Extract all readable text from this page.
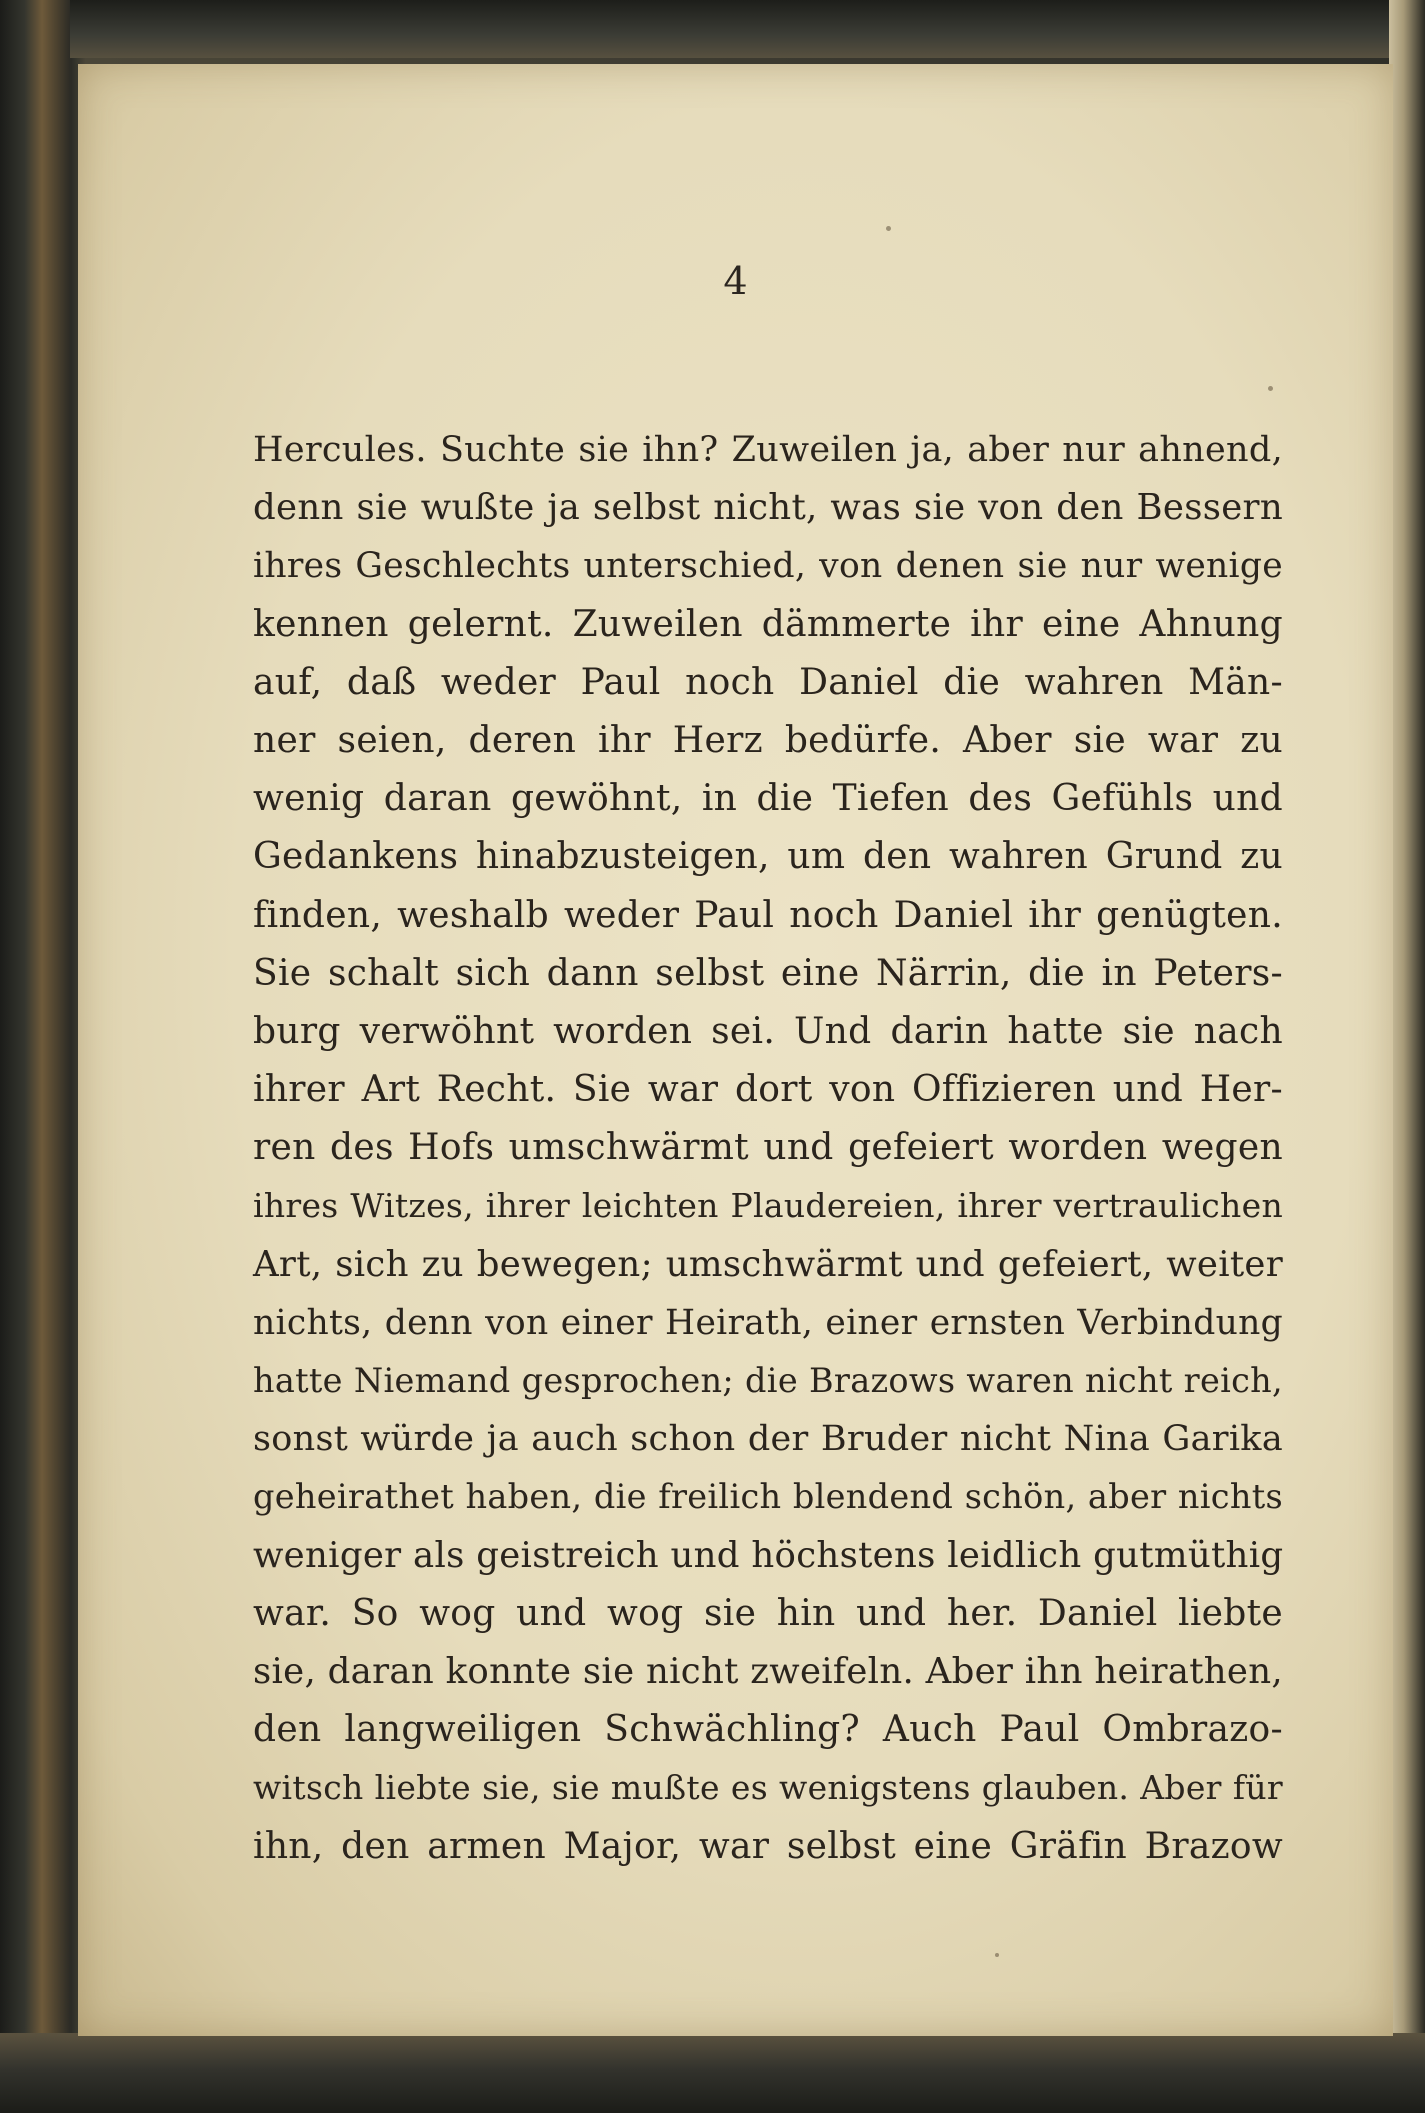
4
Hercules. Suchte sie ihn? Zuweilen ja, aber nur ahnend,
denn sie wußte ja selbst nicht, was sie von den Bessern
ihres Geschlechts unterschied, von denen sie nur wenige
kennen gelernt. Zuweilen dämmerte ihr eine Ahnung
auf, daß weder Paul noch Daniel die wahren Män-
ner seien, deren ihr Herz bedürfe. Aber sie war zu
wenig daran gewöhnt, in die Tiefen des Gefühls und
Gedankens hinabzusteigen, um den wahren Grund zu
finden, weshalb weder Paul noch Daniel ihr genügten.
Sie schalt sich dann selbst eine Närrin, die in Peters-
burg verwöhnt worden sei. Und darin hatte sie nach
ihrer Art Recht. Sie war dort von Offizieren und Her-
ren des Hofs umschwärmt und gefeiert worden wegen
ihres Witzes, ihrer leichten Plaudereien, ihrer vertraulichen
Art, sich zu bewegen; umschwärmt und gefeiert, weiter
nichts, denn von einer Heirath, einer ernsten Verbindung
hatte Niemand gesprochen; die Brazows waren nicht reich,
sonst würde ja auch schon der Bruder nicht Nina Garika
geheirathet haben, die freilich blendend schön, aber nichts
weniger als geistreich und höchstens leidlich gutmüthig
war. So wog und wog sie hin und her. Daniel liebte
sie, daran konnte sie nicht zweifeln. Aber ihn heirathen,
den langweiligen Schwächling? Auch Paul Ombrazo-
witsch liebte sie, sie mußte es wenigstens glauben. Aber für
ihn, den armen Major, war selbst eine Gräfin Brazow
